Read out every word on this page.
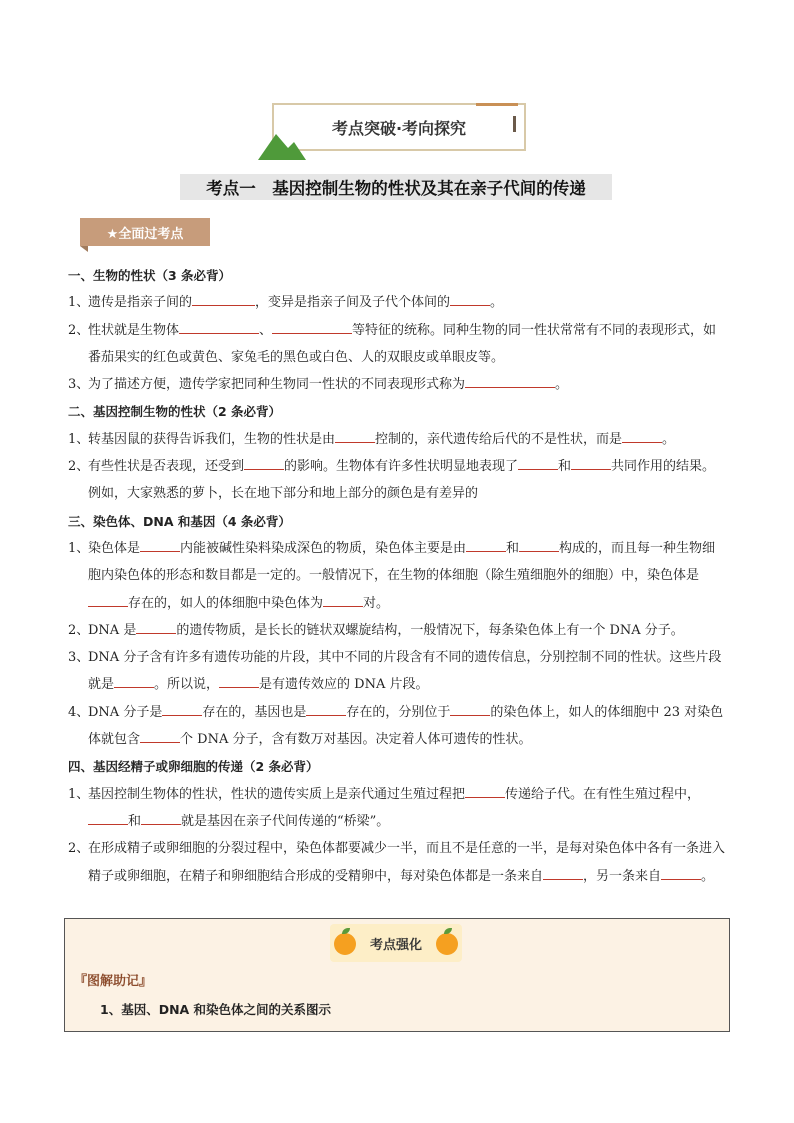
考点突破·考向探究
考点一　基因控制生物的性状及其在亲子代间的传递
★全面过考点
一、生物的性状（3 条必背）
1、
遗传是指亲子间的	，变异是指亲子间及子代个体间的	。
2、
性状就是生物体	、	等特征的统称。同种生物的同一性状常常有不同的表现形式，如番茄果实的红色或黄色、家兔毛的黑色或白色、人的双眼皮或单眼皮等。
3、
为了描述方便，遗传学家把同种生物同一性状的不同表现形式称为	。
二、基因控制生物的性状（2 条必背）
1、
转基因鼠的获得告诉我们，生物的性状是由	控制的，亲代遗传给后代的不是性状，而是	。
2、
有些性状是否表现，还受到	的影响。生物体有许多性状明显地表现了	和	共同作用的结果。例如，大家熟悉的萝卜，长在地下部分和地上部分的颜色是有差异的
三、染色体、DNA 和基因（4 条必背）
1、
染色体是	内能被碱性染料染成深色的物质，染色体主要是由	和	构成的，而且每一种生物细胞内染色体的形态和数目都是一定的。一般情况下，在生物的体细胞（除生殖细胞外的细胞）中，染色体是存在的，如人的体细胞中染色体为	对。
2、
DNA 是	的遗传物质，是长长的链状双螺旋结构，一般情况下，每条染色体上有一个 DNA 分子。
3、
DNA 分子含有许多有遗传功能的片段，其中不同的片段含有不同的遗传信息，分别控制不同的性状。这些片段就是	。所以说，	是有遗传效应的 DNA 片段。
4、
DNA 分子是	存在的，基因也是	存在的，分别位于	的染色体上，如人的体细胞中 23 对染色体就包含	个 DNA 分子，含有数万对基因。决定着人体可遗传的性状。
四、基因经精子或卵细胞的传递（2 条必背）
1、
基因控制生物体的性状，性状的遗传实质上是亲代通过生殖过程把	传递给子代。在有性生殖过程中，和	就是基因在亲子代间传递的“桥梁”。
2、
在形成精子或卵细胞的分裂过程中，染色体都要减少一半，而且不是任意的一半，是每对染色体中各有一条进入精子或卵细胞，在精子和卵细胞结合形成的受精卵中，每对染色体都是一条来自	，另一条来自	。
考点强化
『图解助记』
1、基因、DNA 和染色体之间的关系图示
